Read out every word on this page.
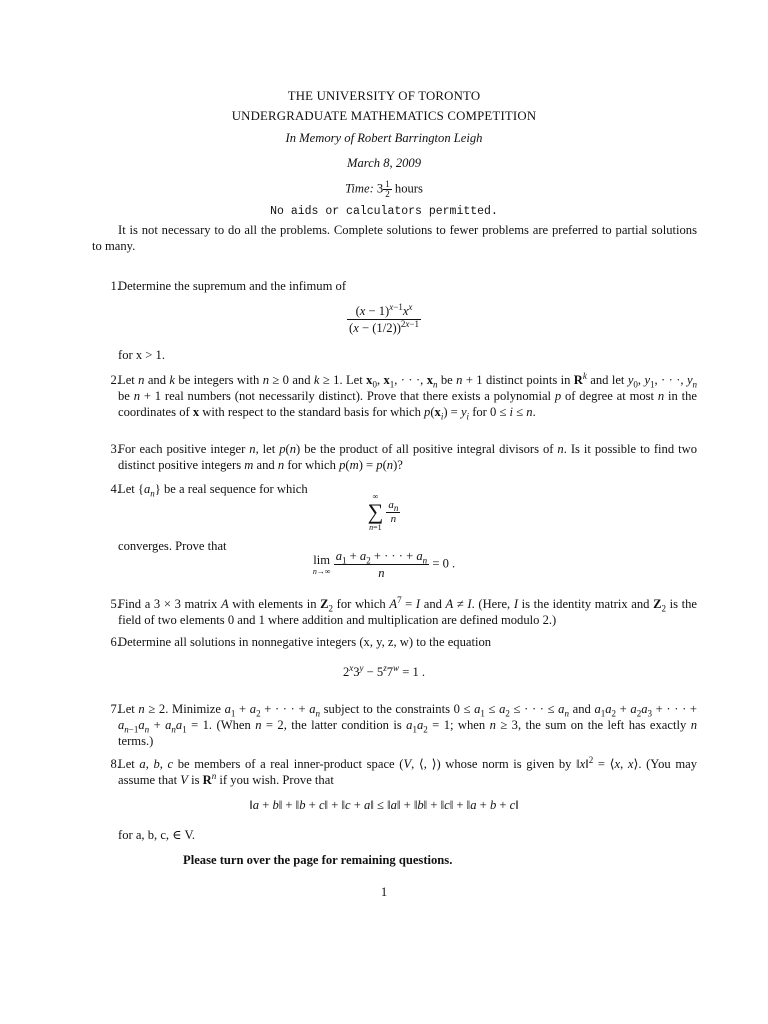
THE UNIVERSITY OF TORONTO
UNDERGRADUATE MATHEMATICS COMPETITION
In Memory of Robert Barrington Leigh
March 8, 2009
Time: $3 \frac{1}{2}$ hours
No aids or calculators permitted.
It is not necessary to do all the problems. Complete solutions to fewer problems are preferred to partial solutions to many.
1.
Determine the supremum and the infimum of
$\frac{(x - 1)^{x-1}x^x}{(x - (1/2))^{2x-1}}$
for x > 1.
2.
Let n and k be integers with n ≥ 0 and k ≥ 1. Let $x_0$, $x_1$, · · ·, $x_n$ be n + 1 distinct points in $R^k$ and let $y_0$, $y_1$, · · ·, $y_n$ be n + 1 real numbers (not necessarily distinct). Prove that there exists a polynomial p of degree at most n in the coordinates of x with respect to the standard basis for which $p(x_i) = y_i$ for 0 ≤ i ≤ n.
3.
For each positive integer n, let p(n) be the product of all positive integral divisors of n. Is it possible to find two distinct positive integers m and n for which p(m) = p(n)?
4.
Let $\{a_n\}$ be a real sequence for which
∞
∑
n=1

$\frac{a_n}{n}$
converges. Prove that
lim
n→∞
$\frac{a_1 + a_2 + \cdot \cdot \cdot + a_n}{n} = 0$ .
5.
Find a 3 × 3 matrix A with elements in $Z_2$ for which $A^7 = I$ and A ≠ I. (Here, I is the identity matrix and $Z_2$ is the field of two elements 0 and 1 where addition and multiplication are defined modulo 2.)
6.
Determine all solutions in nonnegative integers (x, y, z, w) to the equation
$2^x3^y - 5^z7^w = 1$ .
7.
Let n ≥ 2. Minimize $a_1 + a_2$ + · · · + $a_n$ subject to the constraints $0 \le a_1 \le a_2$ ≤ · · · ≤ $a_n$ and $a_1a_2 + a_2a_3$ + · · · + $a_{n-1}a_n + a_na_1 = 1$. (When n = 2, the latter condition is $a_1a_2 = 1$; when n ≥ 3, the sum on the left has exactly n terms.)
8.
Let a, b, c be members of a real inner-product space (V, ⟨, ⟩) whose norm is given by ‖x‖$^2$ = ⟨x, x⟩. (You may assume that V is $R^n$ if you wish. Prove that
‖a + b‖ + ‖b + c‖ + ‖c + a‖ ≤ ‖a‖ + ‖b‖ + ‖c‖ + ‖a + b + c‖
for a, b, c, ∈ V.
Please turn over the page for remaining questions.
1
